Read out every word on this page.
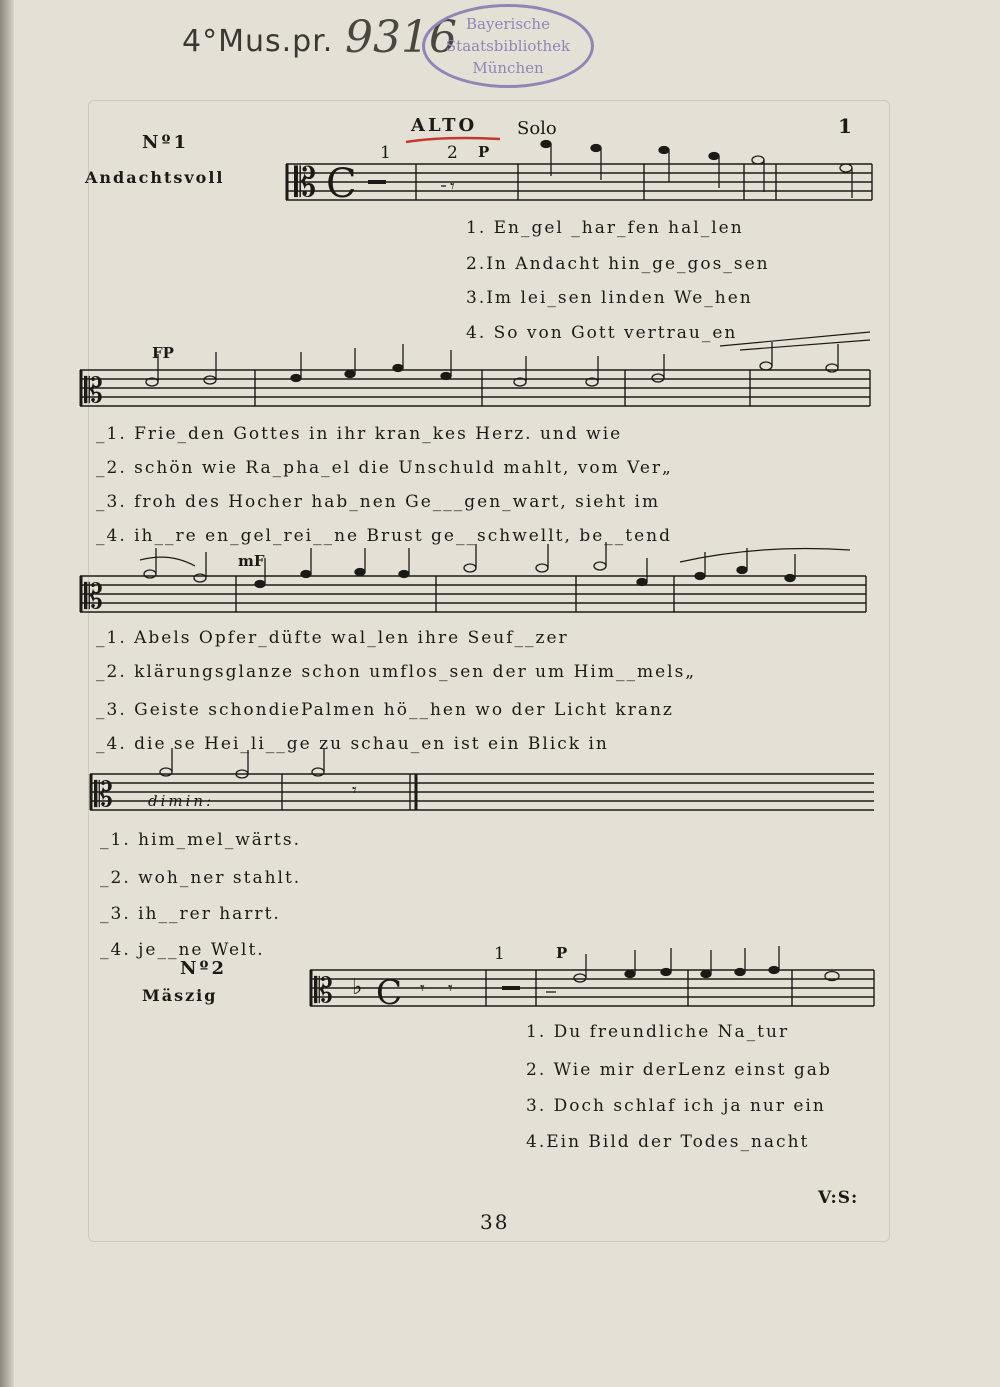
4°Mus.pr. 9316 Bayerische
Staatsbibliothek
München
ALTO Solo	1
Nº1
Andachtsvoll
1	2 P
𝄡 C	𝄾
1. En_gel _har_fen hal_len
2.In Andacht hin_ge_gos_sen
3.Im lei_sen linden We_hen
4. So von Gott vertrau_en
FP
𝄡
_1. Frie_den Gottes in ihr kran_kes Herz. und wie
_2. schön wie Ra_pha_el die Unschuld mahlt, vom Ver„
_3. froh des Hocher hab_nen Ge___gen_wart, sieht im
_4. ih__re en_gel_rei__ne Brust ge__schwellt, be__tend
mF
𝄡
_1. Abels Opfer_düfte wal_len ihre Seuf__zer
_2. klärungsglanze schon umflos_sen der um Him__mels„
_3. Geiste schondiePalmen hö__hen wo der Licht kranz
_4. die se Hei_li__ge zu schau_en ist ein Blick in
𝄡	𝄾
dimin:
_1. him_mel_wärts.
_2. woh_ner stahlt.
_3. ih__rer harrt.
_4. je__ne Welt.
Nº2
Mäszig
1	P
𝄡 ♭ C 𝄾 𝄾
1. Du freundliche Na_tur
2. Wie mir derLenz einst gab
3. Doch schlaf ich ja nur ein
4.Ein Bild der Todes_nacht
V:S:
38
